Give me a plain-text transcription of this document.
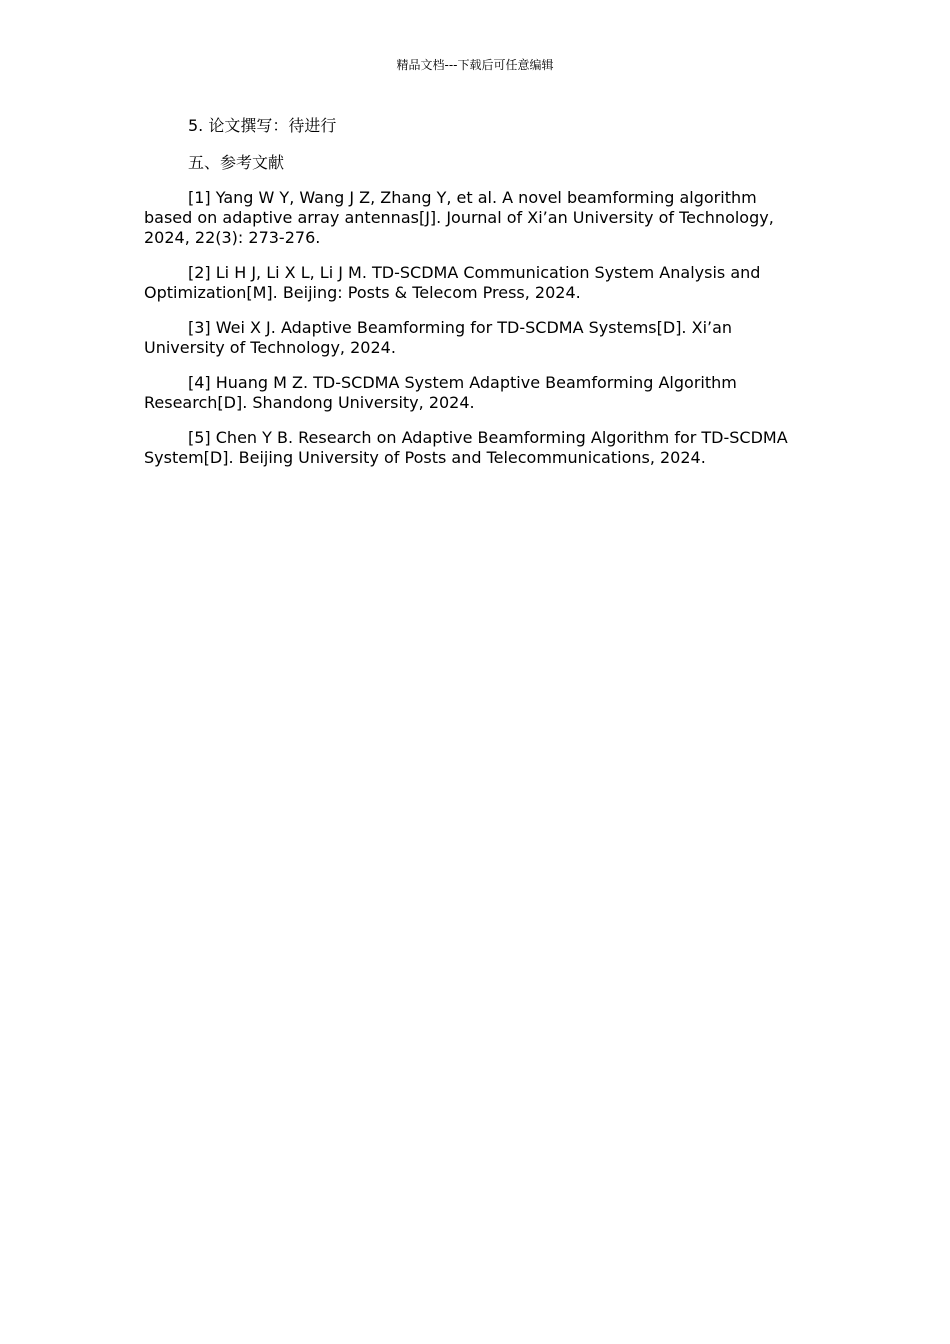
精品文档---下载后可任意编辑

5. 论文撰写：待进行

五、参考文献

[1] Yang W Y, Wang J Z, Zhang Y, et al. A novel beamforming algorithm based on adaptive array antennas[J]. Journal of Xi’an University of Technology, 2024, 22(3): 273-276.

[2] Li H J, Li X L, Li J M. TD-SCDMA Communication System Analysis and Optimization[M]. Beijing: Posts & Telecom Press, 2024.

[3] Wei X J. Adaptive Beamforming for TD-SCDMA Systems[D]. Xi’an University of Technology, 2024.

[4] Huang M Z. TD-SCDMA System Adaptive Beamforming Algorithm Research[D]. Shandong University, 2024.

[5] Chen Y B. Research on Adaptive Beamforming Algorithm for TD-SCDMA System[D]. Beijing University of Posts and Telecommunications, 2024.
